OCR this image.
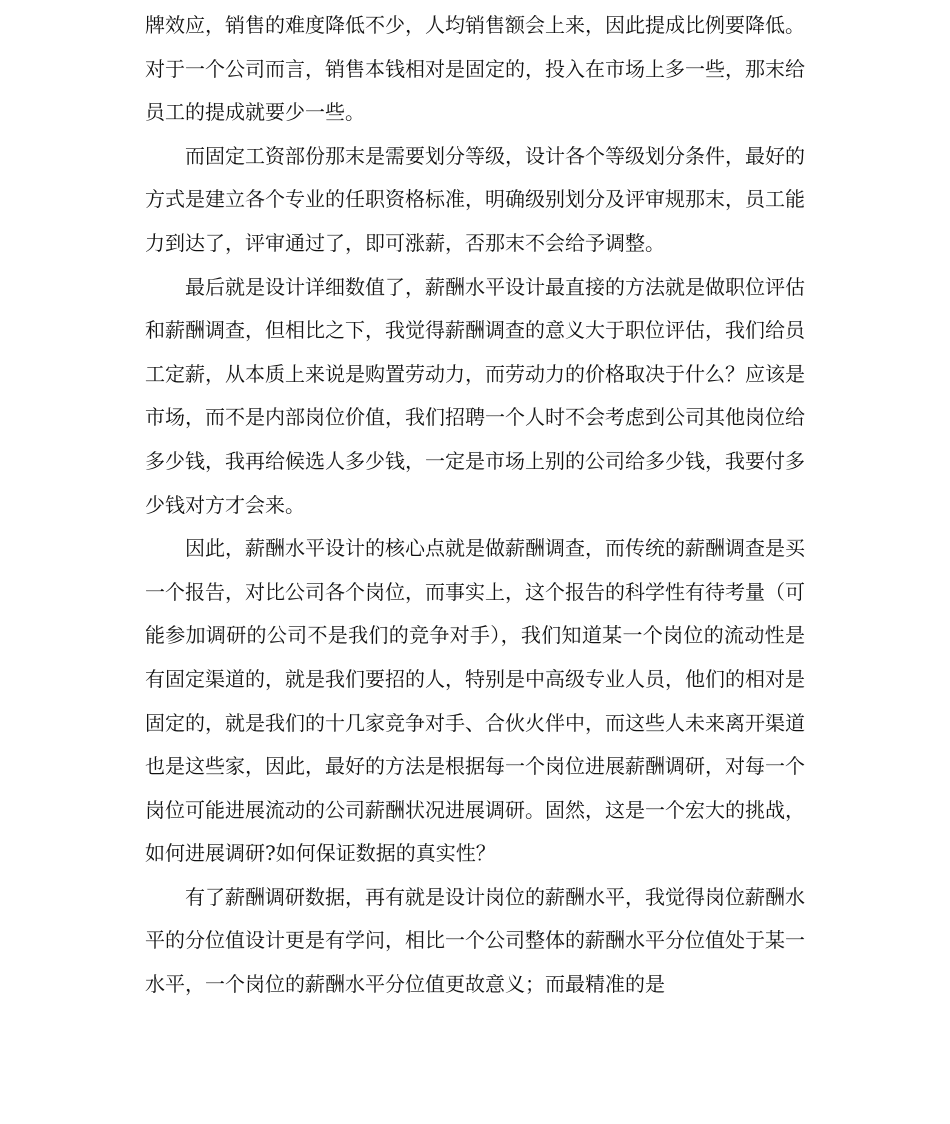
牌效应，销售的难度降低不少，人均销售额会上来，因此提成比例要降低。对于一个公司而言，销售本钱相对是固定的，投入在市场上多一些，那末给员工的提成就要少一些。

而固定工资部份那末是需要划分等级，设计各个等级划分条件，最好的方式是建立各个专业的任职资格标准，明确级别划分及评审规那末，员工能力到达了，评审通过了，即可涨薪，否那末不会给予调整。

最后就是设计详细数值了，薪酬水平设计最直接的方法就是做职位评估和薪酬调查，但相比之下，我觉得薪酬调查的意义大于职位评估，我们给员工定薪，从本质上来说是购置劳动力，而劳动力的价格取决于什么？应该是市场，而不是内部岗位价值，我们招聘一个人时不会考虑到公司其他岗位给多少钱，我再给候选人多少钱，一定是市场上别的公司给多少钱，我要付多少钱对方才会来。

因此，薪酬水平设计的核心点就是做薪酬调查，而传统的薪酬调查是买一个报告，对比公司各个岗位，而事实上，这个报告的科学性有待考量（可能参加调研的公司不是我们的竞争对手），我们知道某一个岗位的流动性是有固定渠道的，就是我们要招的人，特别是中高级专业人员，他们的相对是固定的，就是我们的十几家竞争对手、合伙火伴中，而这些人未来离开渠道也是这些家，因此，最好的方法是根据每一个岗位进展薪酬调研，对每一个岗位可能进展流动的公司薪酬状况进展调研。固然，这是一个宏大的挑战，如何进展调研?如何保证数据的真实性？

有了薪酬调研数据，再有就是设计岗位的薪酬水平，我觉得岗位薪酬水平的分位值设计更是有学问，相比一个公司整体的薪酬水平分位值处于某一水平，一个岗位的薪酬水平分位值更故意义；而最精准的是
